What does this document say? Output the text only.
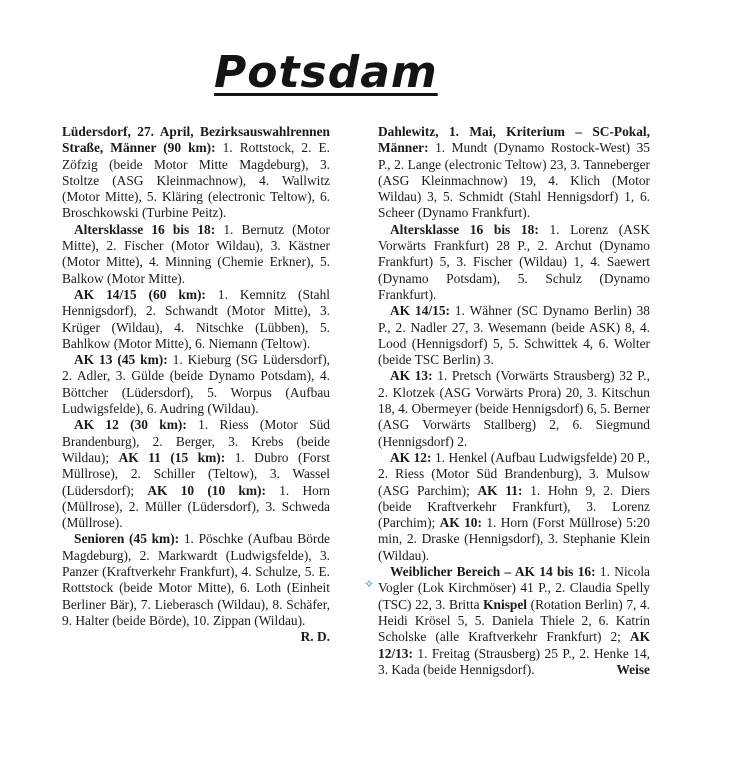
Potsdam

Lüdersdorf, 27. April, Bezirksauswahlrennen Straße, Männer (90 km): 1. Rottstock, 2. E. Zöfzig (beide Motor Mitte Magdeburg), 3. Stoltze (ASG Kleinmachnow), 4. Wallwitz (Motor Mitte), 5. Kläring (electronic Teltow), 6. Broschkowski (Turbine Peitz).

Altersklasse 16 bis 18: 1. Bernutz (Motor Mitte), 2. Fischer (Motor Wildau), 3. Kästner (Motor Mitte), 4. Minning (Chemie Erkner), 5. Balkow (Motor Mitte).

AK 14/15 (60 km): 1. Kemnitz (Stahl Hennigsdorf), 2. Schwandt (Motor Mitte), 3. Krüger (Wildau), 4. Nitschke (Lübben), 5. Bahlkow (Motor Mitte), 6. Niemann (Teltow).

AK 13 (45 km): 1. Kieburg (SG Lüdersdorf), 2. Adler, 3. Gülde (beide Dynamo Potsdam), 4. Böttcher (Lüdersdorf), 5. Worpus (Aufbau Ludwigsfelde), 6. Audring (Wildau).

AK 12 (30 km): 1. Riess (Motor Süd Brandenburg), 2. Berger, 3. Krebs (beide Wildau); AK 11 (15 km): 1. Dubro (Forst Müllrose), 2. Schiller (Teltow), 3. Wassel (Lüdersdorf); AK 10 (10 km): 1. Horn (Müllrose), 2. Müller (Lüdersdorf), 3. Schweda (Müllrose).

Senioren (45 km): 1. Pöschke (Aufbau Börde Magdeburg), 2. Markwardt (Ludwigsfelde), 3. Panzer (Kraftverkehr Frankfurt), 4. Schulze, 5. E. Rottstock (beide Motor Mitte), 6. Loth (Einheit Berliner Bär), 7. Lieberasch (Wildau), 8. Schäfer, 9. Halter (beide Börde), 10. Zippan (Wildau).
R. D.

✧

Dahlewitz, 1. Mai, Kriterium – SC-Pokal, Männer: 1. Mundt (Dynamo Rostock-West) 35 P., 2. Lange (electronic Teltow) 23, 3. Tanneberger (ASG Kleinmachnow) 19, 4. Klich (Motor Wildau) 3, 5. Schmidt (Stahl Hennigsdorf) 1, 6. Scheer (Dynamo Frankfurt).

Altersklasse 16 bis 18: 1. Lorenz (ASK Vorwärts Frankfurt) 28 P., 2. Archut (Dynamo Frankfurt) 5, 3. Fischer (Wildau) 1, 4. Saewert (Dynamo Potsdam), 5. Schulz (Dynamo Frankfurt).

AK 14/15: 1. Wähner (SC Dynamo Berlin) 38 P., 2. Nadler 27, 3. Wesemann (beide ASK) 8, 4. Lood (Hennigsdorf) 5, 5. Schwittek 4, 6. Wolter (beide TSC Berlin) 3.

AK 13: 1. Pretsch (Vorwärts Strausberg) 32 P., 2. Klotzek (ASG Vorwärts Prora) 20, 3. Kitschun 18, 4. Obermeyer (beide Hennigsdorf) 6, 5. Berner (ASG Vorwärts Stallberg) 2, 6. Siegmund (Hennigsdorf) 2.

AK 12: 1. Henkel (Aufbau Ludwigsfelde) 20 P., 2. Riess (Motor Süd Brandenburg), 3. Mulsow (ASG Parchim); AK 11: 1. Hohn 9, 2. Diers (beide Kraftverkehr Frankfurt), 3. Lorenz (Parchim); AK 10: 1. Horn (Forst Müllrose) 5:20 min, 2. Draske (Hennigsdorf), 3. Stephanie Klein (Wildau).

Weiblicher Bereich – AK 14 bis 16: 1. Nicola Vogler (Lok Kirchmöser) 41 P., 2. Claudia Spelly (TSC) 22, 3. Britta Knispel (Rotation Berlin) 7, 4. Heidi Krösel 5, 5. Daniela Thiele 2, 6. Katrin Scholske (alle Kraftverkehr Frankfurt) 2; AK 12/13: 1. Freitag (Strausberg) 25 P., 2. Henke 14, 3. Kada (beide Hennigsdorf).	Weise
